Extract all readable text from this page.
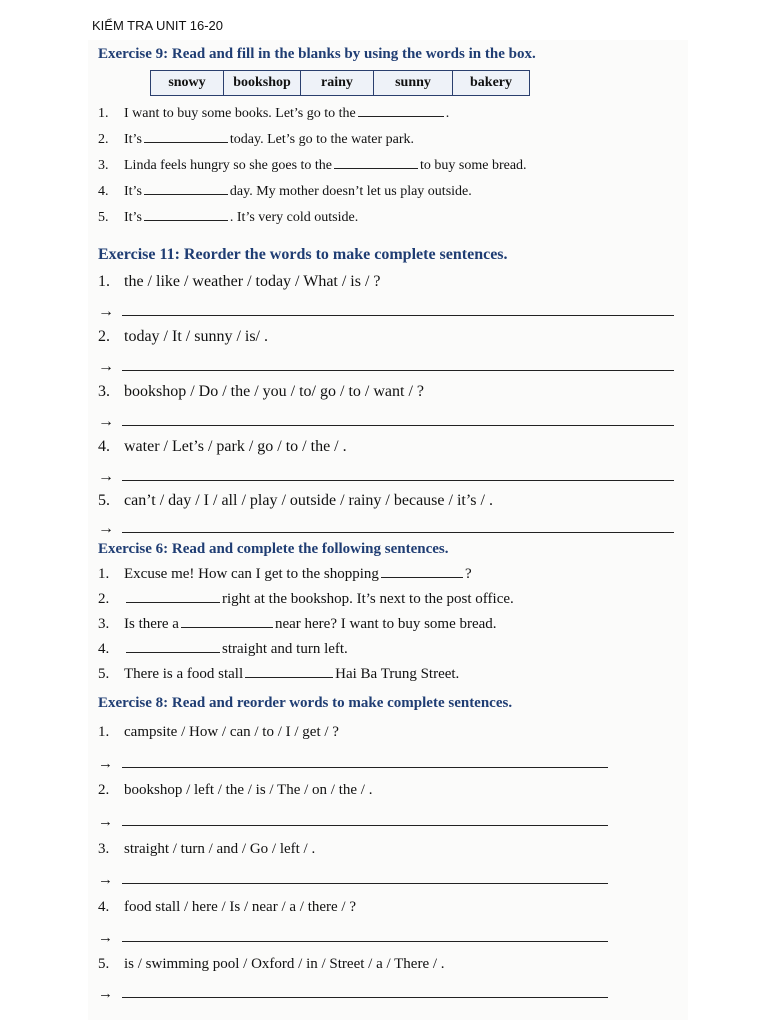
KIỂM TRA UNIT 16-20
Exercise 9: Read and fill in the blanks by using the words in the box.
snowy	bookshop	rainy	sunny	bakery
1. I want to buy some books. Let’s go to the	.
2. It’s	today. Let’s go to the water park.
3. Linda feels hungry so she goes to the	to buy some bread.
4. It’s	day. My mother doesn’t let us play outside.
5. It’s	. It’s very cold outside.
Exercise 11: Reorder the words to make complete sentences.
1. the / like / weather / today / What / is / ?
→
2. today / It / sunny / is/ .
→
3. bookshop / Do / the / you / to/ go / to / want / ?
→
4. water / Let’s / park / go / to / the / .
→
5. can’t / day / I / all / play / outside / rainy / because / it’s / .
→
Exercise 6: Read and complete the following sentences.
1. Excuse me! How can I get to the shopping	?
2.	right at the bookshop. It’s next to the post office.
3. Is there a	near here? I want to buy some bread.
4.	straight and turn left.
5. There is a food stall	Hai Ba Trung Street.
Exercise 8: Read and reorder words to make complete sentences.
1. campsite / How / can / to / I / get / ?
→
2. bookshop / left / the / is / The / on / the / .
→
3. straight / turn / and / Go / left / .
→
4. food stall / here / Is / near / a / there / ?
→
5. is / swimming pool / Oxford / in / Street / a / There / .
→
